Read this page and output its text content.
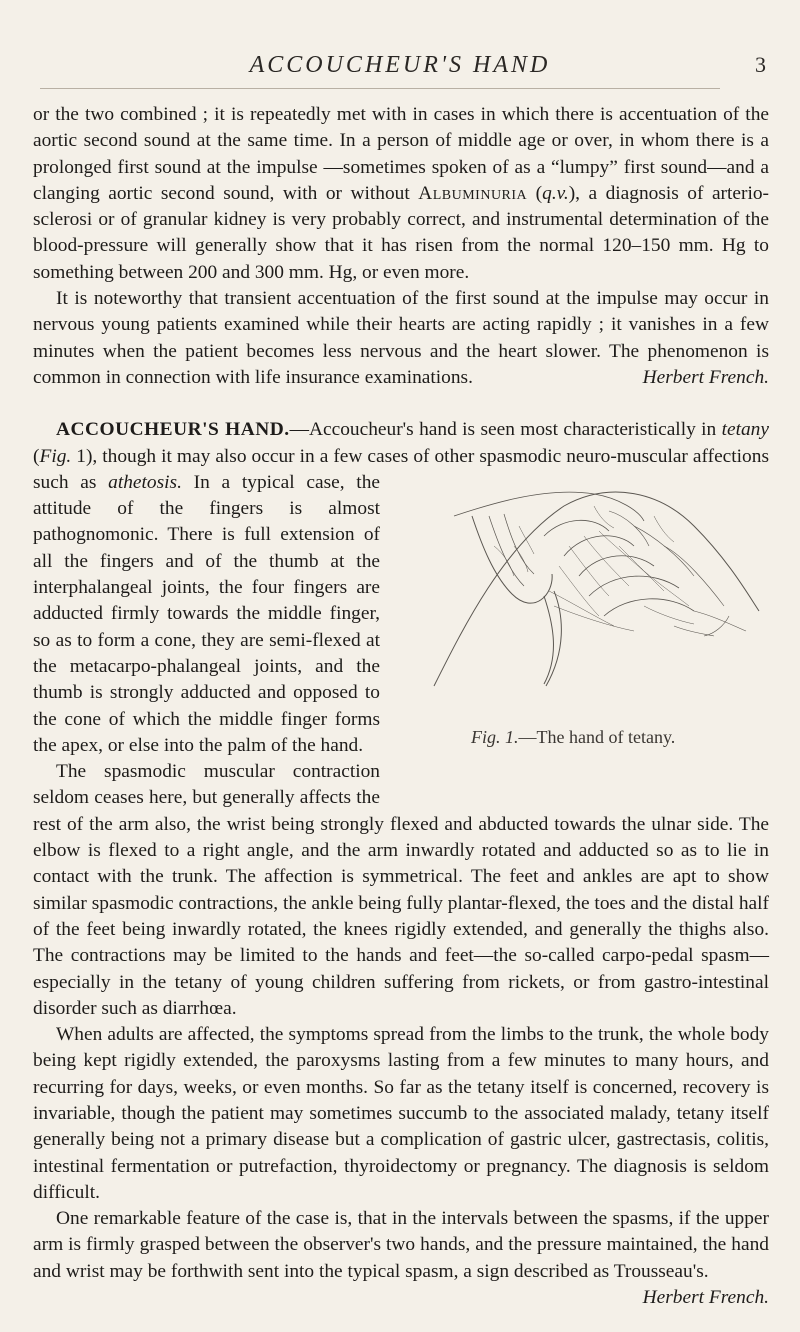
ACCOUCHEUR'S HAND	3

or the two combined ; it is repeatedly met with in cases in which there is accentuation of the aortic second sound at the same time. In a person of middle age or over, in whom there is a prolonged first sound at the impulse —sometimes spoken of as a “lumpy” first sound—and a clanging aortic second sound, with or without Albuminuria (q.v.), a diagnosis of arterio-sclerosi or of granular kidney is very probably correct, and instrumental determination of the blood-pressure will generally show that it has risen from the normal 120–150 mm. Hg to something between 200 and 300 mm. Hg, or even more.

It is noteworthy that transient accentuation of the first sound at the impulse may occur in nervous young patients examined while their hearts are acting rapidly ; it vanishes in a few minutes when the patient becomes less nervous and the heart slower. The phenomenon is common in connection with life insurance examinations.	Herbert French.

ACCOUCHEUR'S HAND.—Accoucheur's hand is seen most characteristically in tetany (Fig. 1), though it may also occur in a few cases of other spasmodic neuro-muscular affections such as
Fig. 1.—The hand of tetany.
athetosis. In a typical case, the attitude of the fingers is almost pathognomonic. There is full extension of all the fingers and of the thumb at the interphalangeal joints, the four fingers are adducted firmly towards the middle finger, so as to form a cone, they are semi-flexed at the metacarpo-phalangeal joints, and the thumb is strongly adducted and opposed to the cone of which the middle finger forms the apex, or else into the palm of the hand.

The spasmodic muscular contraction seldom ceases here, but generally affects the rest of the arm also, the wrist being strongly flexed and abducted towards the ulnar side. The elbow is flexed to a right angle, and the arm inwardly rotated and adducted so as to lie in contact with the trunk. The affection is symmetrical. The feet and ankles are apt to show similar spasmodic contractions, the ankle being fully plantar-flexed, the toes and the distal half of the feet being inwardly rotated, the knees rigidly extended, and generally the thighs also. The contractions may be limited to the hands and feet—the so-called carpo-pedal spasm—especially in the tetany of young children suffering from rickets, or from gastro-intestinal disorder such as diarrhœa.

When adults are affected, the symptoms spread from the limbs to the trunk, the whole body being kept rigidly extended, the paroxysms lasting from a few minutes to many hours, and recurring for days, weeks, or even months. So far as the tetany itself is concerned, recovery is invariable, though the patient may sometimes succumb to the associated malady, tetany itself generally being not a primary disease but a complication of gastric ulcer, gastrectasis, colitis, intestinal fermentation or putrefaction, thyroidectomy or pregnancy. The diagnosis is seldom difficult.

One remarkable feature of the case is, that in the intervals between the spasms, if the upper arm is firmly grasped between the observer's two hands, and the pressure maintained, the hand and wrist may be forthwith sent into the typical spasm, a sign described as Trousseau's.
Herbert French.
